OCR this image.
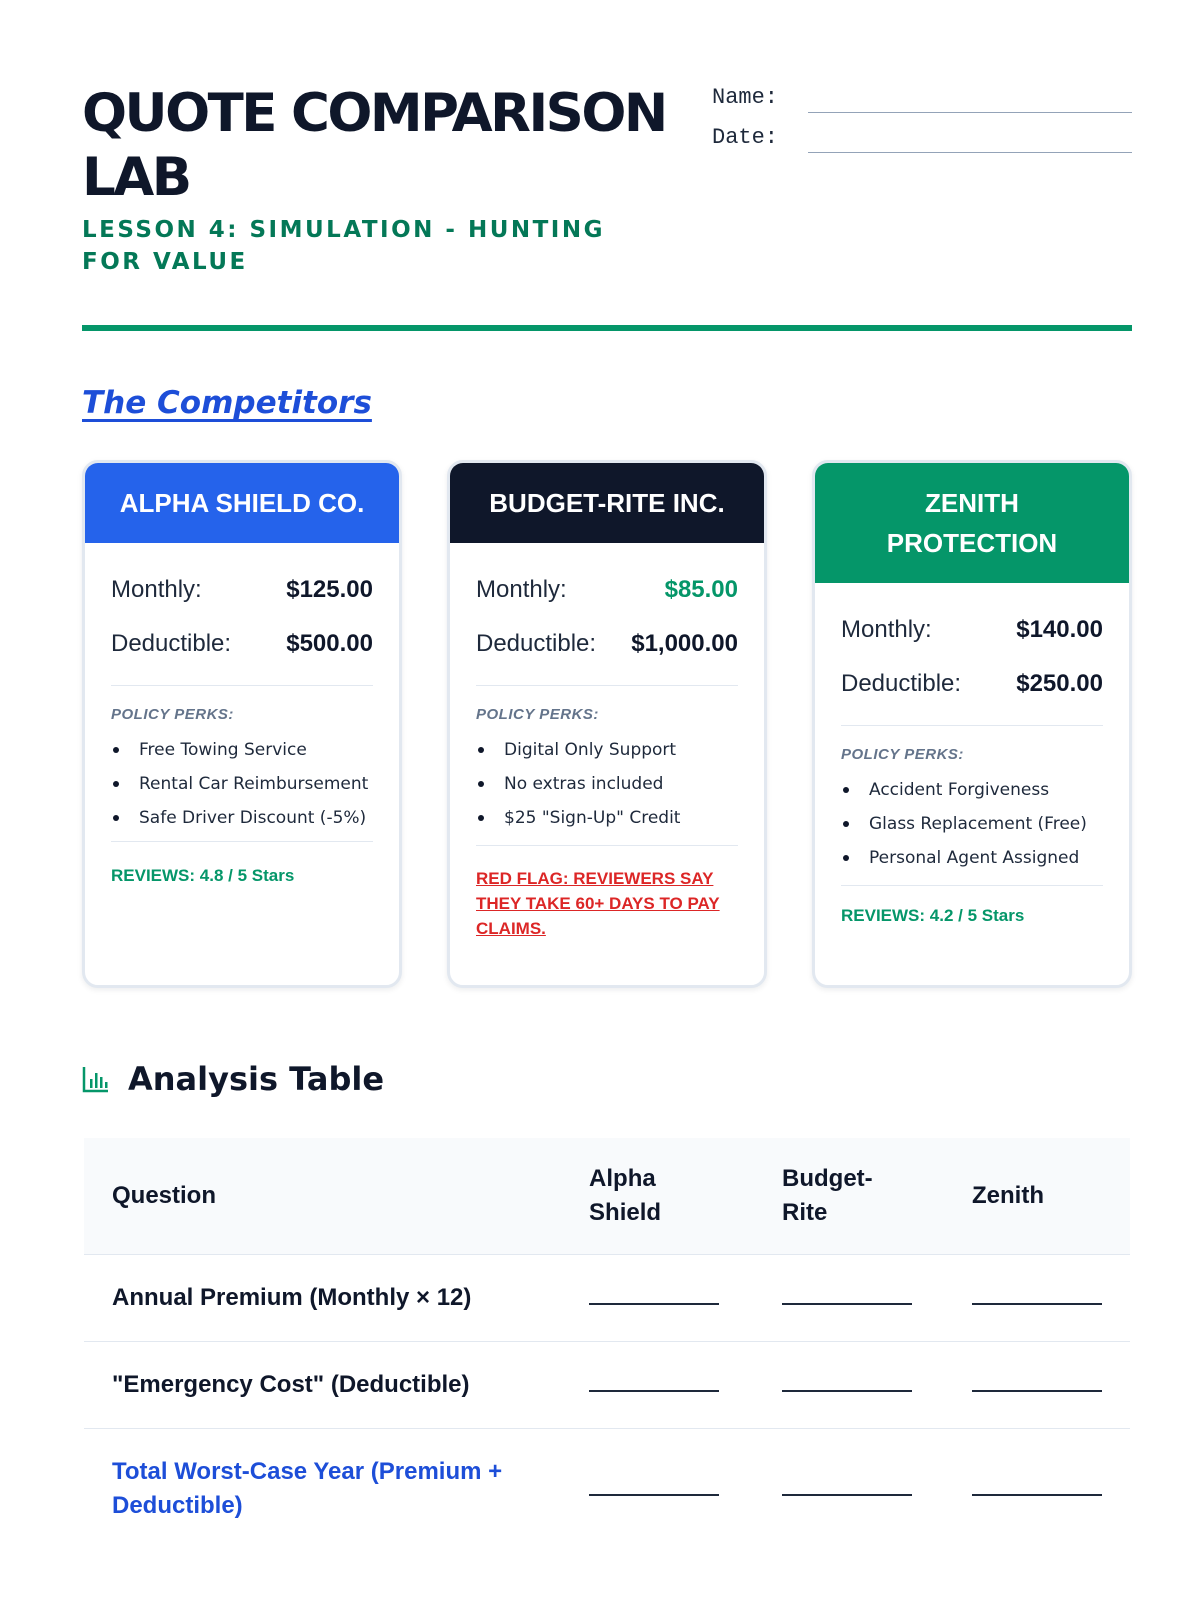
QUOTE COMPARISON LAB
LESSON 4: SIMULATION - HUNTING FOR VALUE
Name:
Date:
The Competitors
ALPHA SHIELD CO.
Monthly:	$125.00
Deductible: $500.00
POLICY PERKS:
Free Towing Service
Rental Car Reimbursement
Safe Driver Discount (-5%)
REVIEWS: 4.8 / 5 Stars
BUDGET-RITE INC.
Monthly:	$85.00
Deductible: $1,000.00
POLICY PERKS:
Digital Only Support
No extras included
$25 "Sign-Up" Credit
RED FLAG: REVIEWERS SAY THEY TAKE 60+ DAYS TO PAY CLAIMS.
ZENITH PROTECTION
Monthly:	$140.00
Deductible: $250.00
POLICY PERKS:
Accident Forgiveness
Glass Replacement (Free)
Personal Agent Assigned
REVIEWS: 4.2 / 5 Stars
Analysis Table
Question	Alpha Shield	Budget-Rite	Zenith
Annual Premium (Monthly × 12)			
"Emergency Cost" (Deductible)			
Total Worst-Case Year (Premium + Deductible)			
